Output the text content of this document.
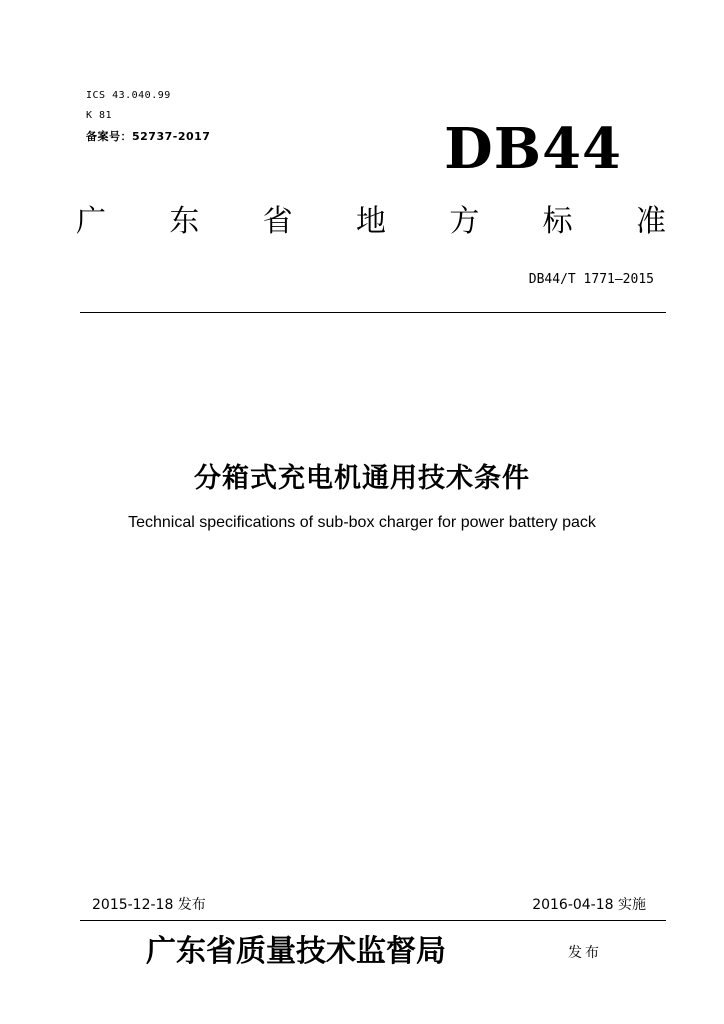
ICS 43.040.99
K 81
备案号：52737-2017	DB44
广 东 省 地 方 标 准
DB44/T 1771—2015
分箱式充电机通用技术条件
Technical specifications of sub-box charger for power battery pack
2015-12-18 发布	2016-04-18 实施
广东省质量技术监督局	发布
